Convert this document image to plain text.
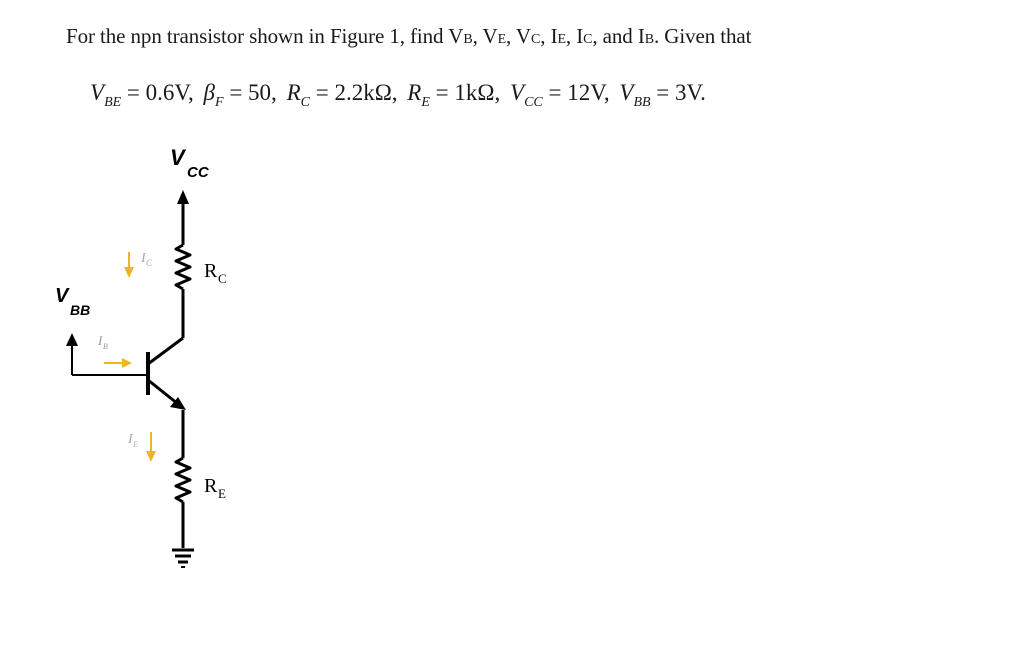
For the npn transistor shown in Figure 1, find VB, VE, VC, IE, IC, and IB. Given that
$V_{BE} = 0.6V$, $\beta_F = 50$, $R_C = 2.2k\Omega$, $R_E = 1k\Omega$, $V_{CC} = 12V$, $V_{BB} = 3V$.
V
CC
R C
I C
V
BB
I B
I E
R E
